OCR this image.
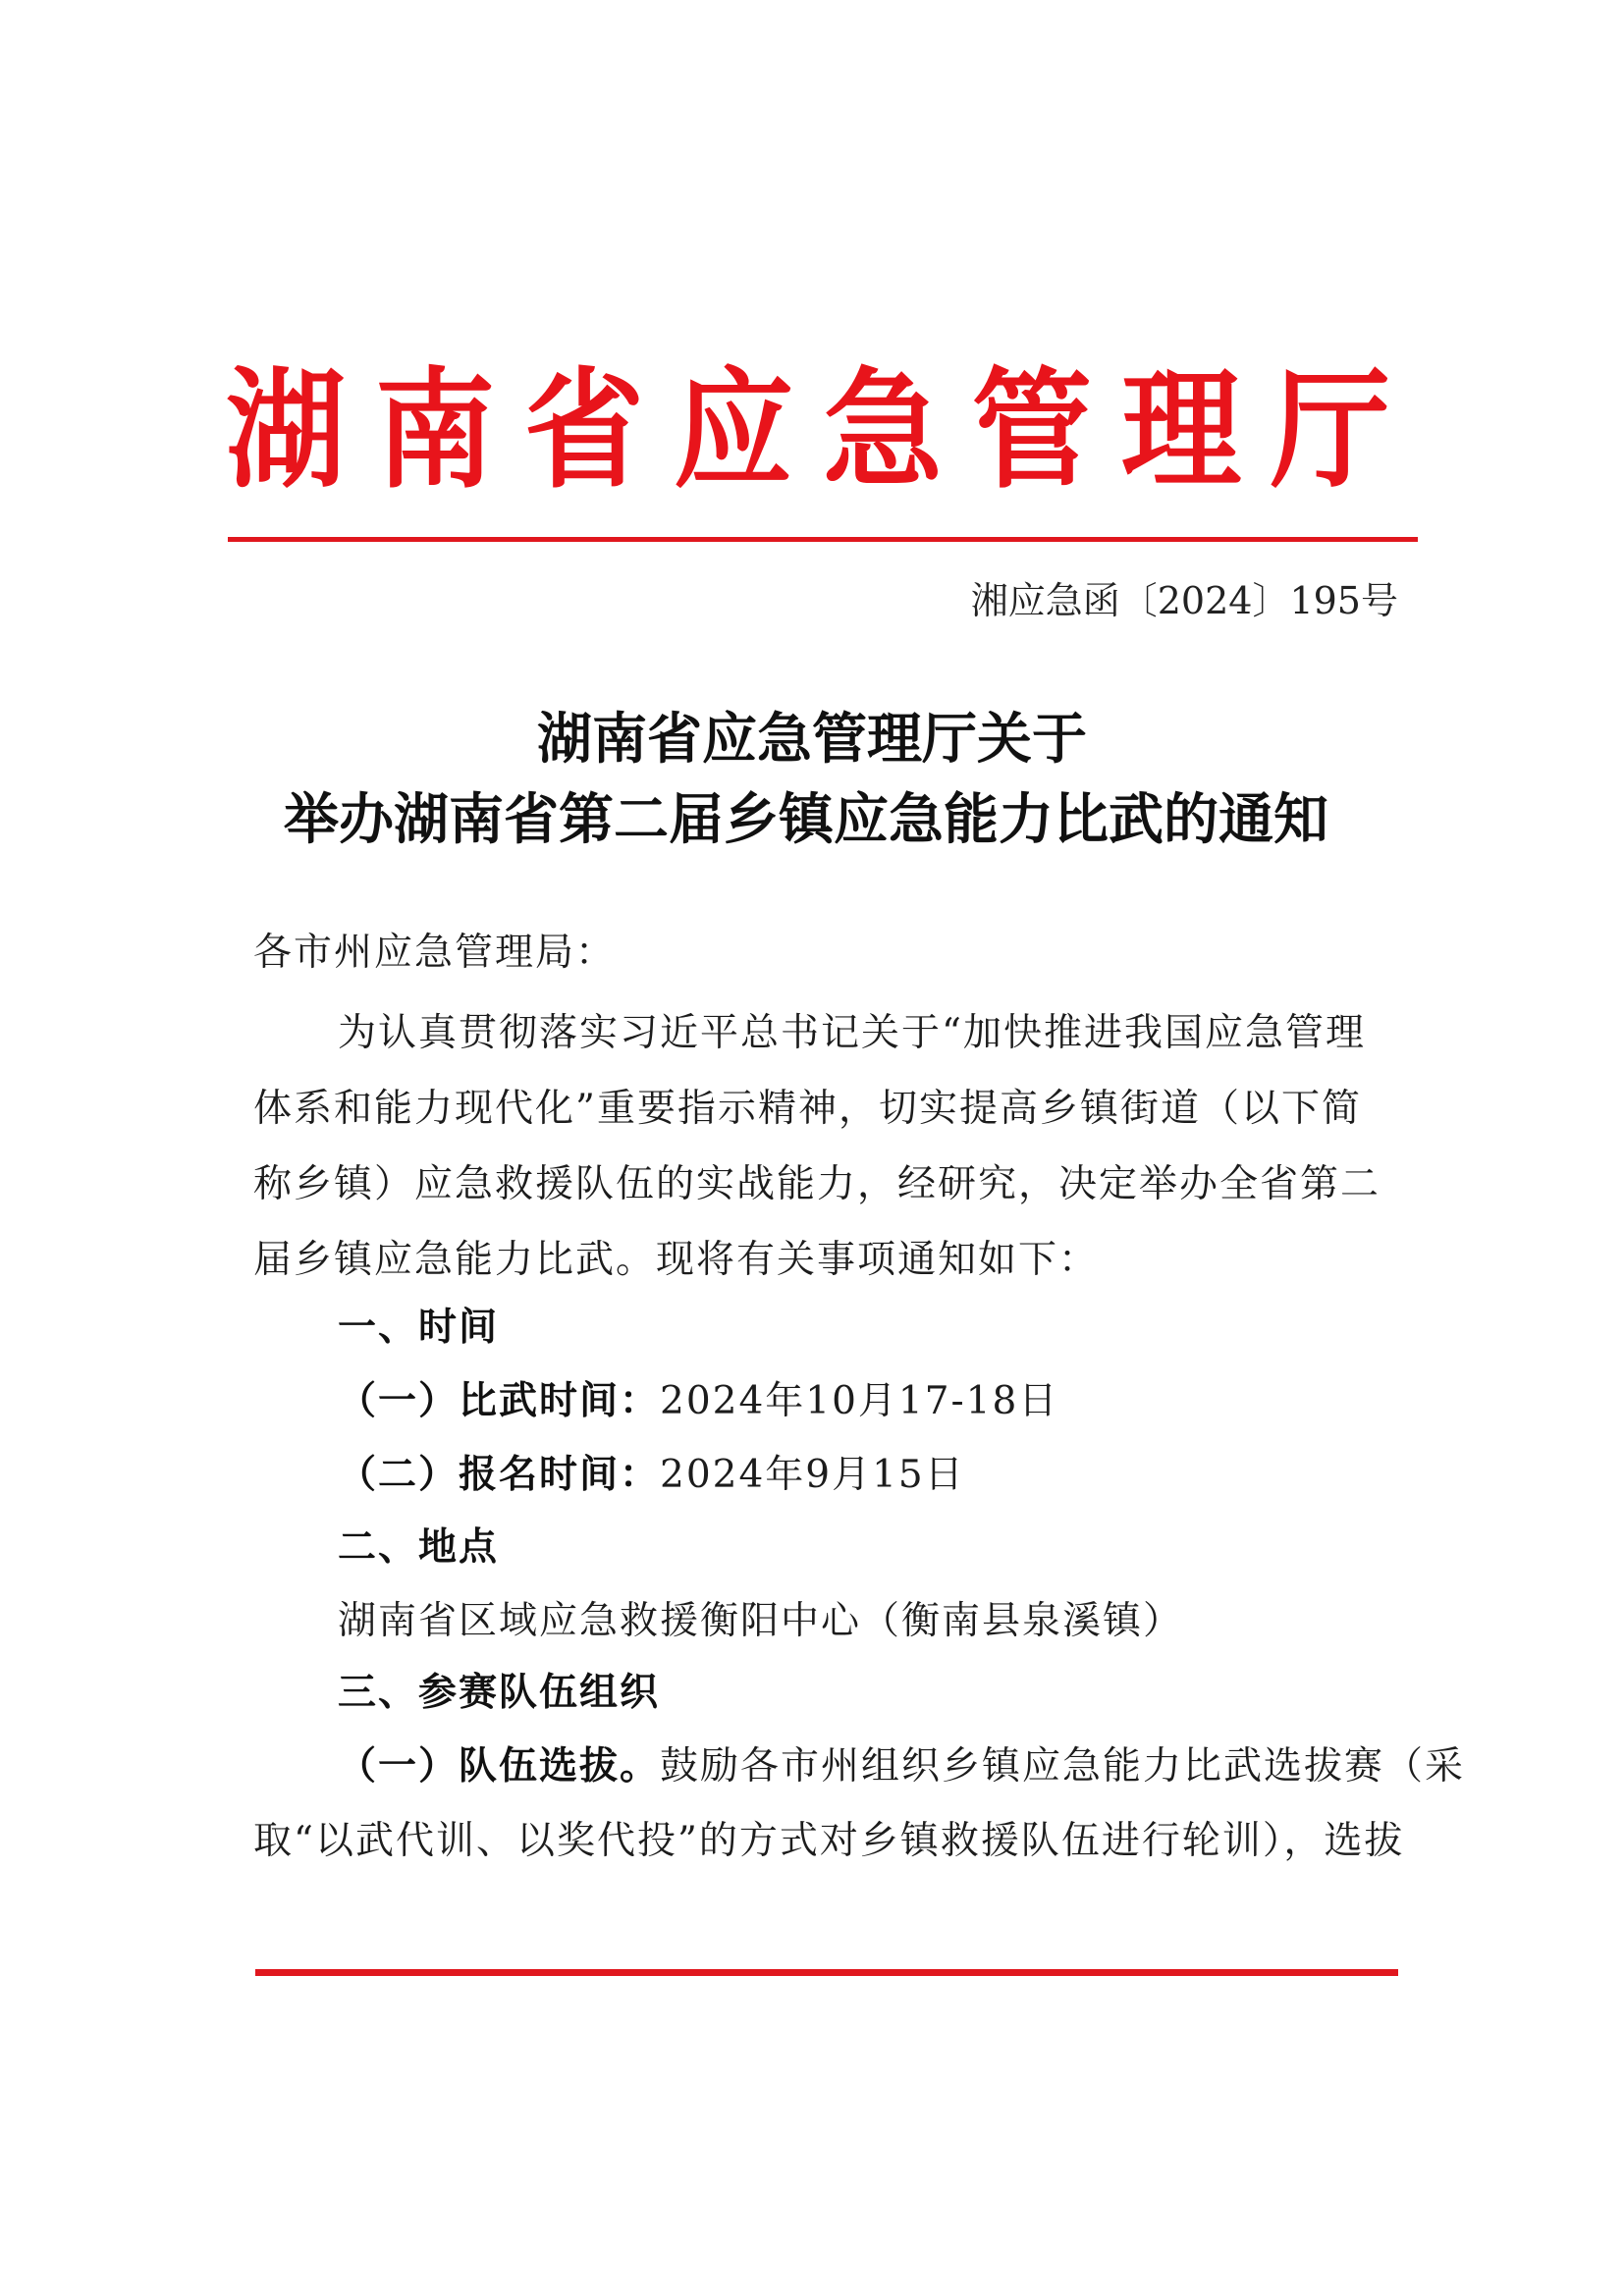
湖南省应急管理厅
湘应急函〔2024〕195号
湖南省应急管理厅关于
举办湖南省第二届乡镇应急能力比武的通知
各市州应急管理局：
为认真贯彻落实习近平总书记关于“加快推进我国应急管理
体系和能力现代化”重要指示精神，切实提高乡镇街道（以下简
称乡镇）应急救援队伍的实战能力，经研究，决定举办全省第二
届乡镇应急能力比武。现将有关事项通知如下：
一、时间
（一）比武时间：2024年10月17-18日
（二）报名时间：2024年9月15日
二、地点
湖南省区域应急救援衡阳中心（衡南县泉溪镇）
三、参赛队伍组织
（一）队伍选拔。鼓励各市州组织乡镇应急能力比武选拔赛（采
取“以武代训、以奖代投”的方式对乡镇救援队伍进行轮训），选拔
